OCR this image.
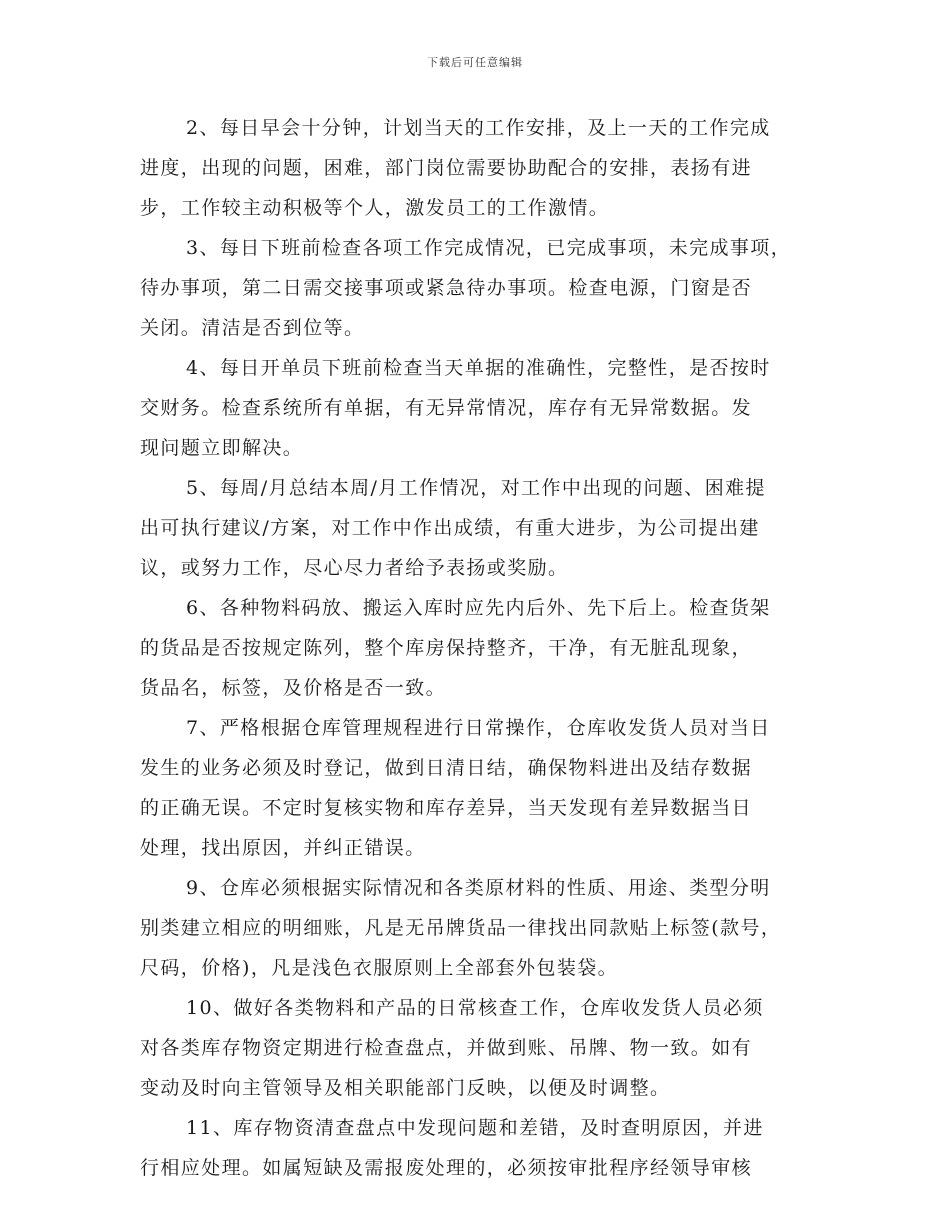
下载后可任意编辑
2、每日早会十分钟，计划当天的工作安排，及上一天的工作完成
进度，出现的问题，困难，部门岗位需要协助配合的安排，表扬有进
步，工作较主动积极等个人，激发员工的工作激情。
3、每日下班前检查各项工作完成情况，已完成事项，未完成事项，
待办事项，第二日需交接事项或紧急待办事项。检查电源，门窗是否
关闭。清洁是否到位等。
4、每日开单员下班前检查当天单据的准确性，完整性，是否按时
交财务。检查系统所有单据，有无异常情况，库存有无异常数据。发
现问题立即解决。
5、每周/月总结本周/月工作情况，对工作中出现的问题、困难提
出可执行建议/方案，对工作中作出成绩，有重大进步，为公司提出建
议，或努力工作，尽心尽力者给予表扬或奖励。
6、各种物料码放、搬运入库时应先内后外、先下后上。检查货架
的货品是否按规定陈列，整个库房保持整齐，干净，有无脏乱现象，
货品名，标签，及价格是否一致。
7、严格根据仓库管理规程进行日常操作，仓库收发货人员对当日
发生的业务必须及时登记，做到日清日结，确保物料进出及结存数据
的正确无误。不定时复核实物和库存差异，当天发现有差异数据当日
处理，找出原因，并纠正错误。
9、仓库必须根据实际情况和各类原材料的性质、用途、类型分明
别类建立相应的明细账，凡是无吊牌货品一律找出同款贴上标签(款号，
尺码，价格)，凡是浅色衣服原则上全部套外包装袋。
10、做好各类物料和产品的日常核查工作，仓库收发货人员必须
对各类库存物资定期进行检查盘点，并做到账、吊牌、物一致。如有
变动及时向主管领导及相关职能部门反映，以便及时调整。
11、库存物资清查盘点中发现问题和差错，及时查明原因，并进
行相应处理。如属短缺及需报废处理的，必须按审批程序经领导审核
